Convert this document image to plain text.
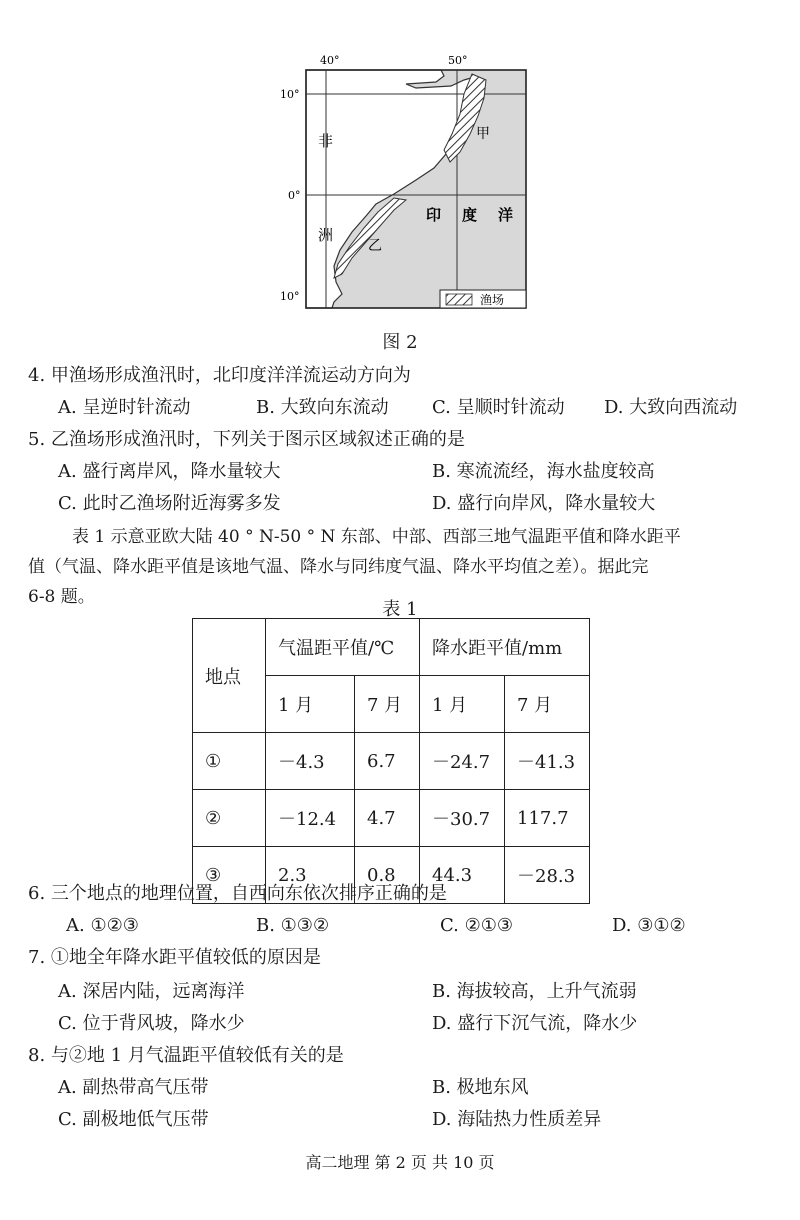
40°	50°
10°
0°
10°
非
洲
甲
乙
印 度 洋
渔场
图 2
4. 甲渔场形成渔汛时，北印度洋洋流运动方向为
A. 呈逆时针流动	B. 大致向东流动 C. 呈顺时针流动 D. 大致向西流动
5. 乙渔场形成渔汛时，下列关于图示区域叙述正确的是
A. 盛行离岸风，降水量较大	B. 寒流流经，海水盐度较高
C. 此时乙渔场附近海雾多发	D. 盛行向岸风，降水量较大
表 1 示意亚欧大陆 40 ° N-50 ° N 东部、中部、西部三地气温距平值和降水距平
值（气温、降水距平值是该地气温、降水与同纬度气温、降水平均值之差）。据此完
6-8 题。
表 1
地点	气温距平值/℃		降水距平值/mm	
	1 月	7 月	1 月	7 月
①	－4.3	6.7	－24.7	－41.3
②	－12.4	4.7	－30.7	117.7
③	2.3	0.8	44.3	－28.3
6. 三个地点的地理位置，自西向东依次排序正确的是
A. ①②③	B. ①③②	C. ②①③	D. ③①②
7. ①地全年降水距平值较低的原因是
A. 深居内陆，远离海洋	B. 海拔较高，上升气流弱
C. 位于背风坡，降水少	D. 盛行下沉气流，降水少
8. 与②地 1 月气温距平值较低有关的是
A. 副热带高气压带	B. 极地东风
C. 副极地低气压带	D. 海陆热力性质差异
高二地理 第 2 页 共 10 页
